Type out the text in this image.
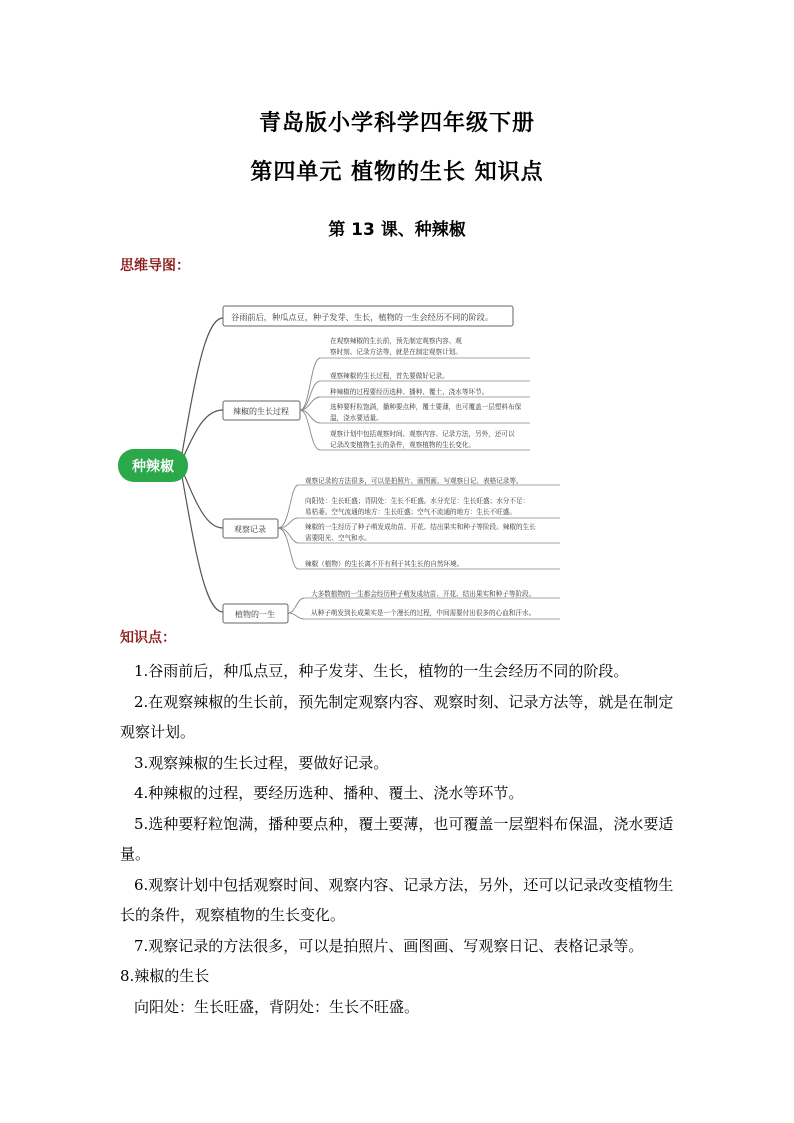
青岛版小学科学四年级下册
第四单元 植物的生长 知识点
第 13 课、种辣椒
思维导图：
种辣椒
谷雨前后，种瓜点豆，种子发芽、生长，植物的一生会经历不同的阶段。
辣椒的生长过程
在观察辣椒的生长前，预先制定观察内容、观
察时刻、记录方法等，就是在制定观察计划。
观察辣椒的生长过程，首先要做好记录。
种辣椒的过程要经历选种、播种、覆土、浇水等环节。
选种要籽粒饱满，播种要点种，覆土要薄，也可覆盖一层塑料布保
温，浇水要适量。
观察计划中包括观察时间、观察内容、记录方法，另外，还可以
记录改变植物生长的条件，观察植物的生长变化。
观察记录
观察记录的方法很多，可以是拍照片、画图画、写观察日记、表格记录等。
向阳处：生长旺盛；背阴处：生长不旺盛。水分充足：生长旺盛；水分不足：
易枯萎。空气流通的地方：生长旺盛；空气不流通的地方：生长不旺盛。
辣椒的一生经历了种子萌发成幼苗、开花、结出果实和种子等阶段。辣椒的生长
需要阳光、空气和水。
辣椒（植物）的生长离不开有利于其生长的自然环境。
植物的一生
大多数植物的一生都会经历种子萌发成幼苗、开花、结出果实和种子等阶段。
从种子萌发到长成果实是一个漫长的过程，中间需要付出很多的心血和汗水。
知识点：

1.谷雨前后，种瓜点豆，种子发芽、生长，植物的一生会经历不同的阶段。

2.在观察辣椒的生长前，预先制定观察内容、观察时刻、记录方法等，就是在制定观察计划。

3.观察辣椒的生长过程，要做好记录。

4.种辣椒的过程，要经历选种、播种、覆土、浇水等环节。

5.选种要籽粒饱满，播种要点种，覆土要薄，也可覆盖一层塑料布保温，浇水要适量。

6.观察计划中包括观察时间、观察内容、记录方法，另外，还可以记录改变植物生长的条件，观察植物的生长变化。

7.观察记录的方法很多，可以是拍照片、画图画、写观察日记、表格记录等。

8.辣椒的生长

向阳处：生长旺盛，背阴处：生长不旺盛。
